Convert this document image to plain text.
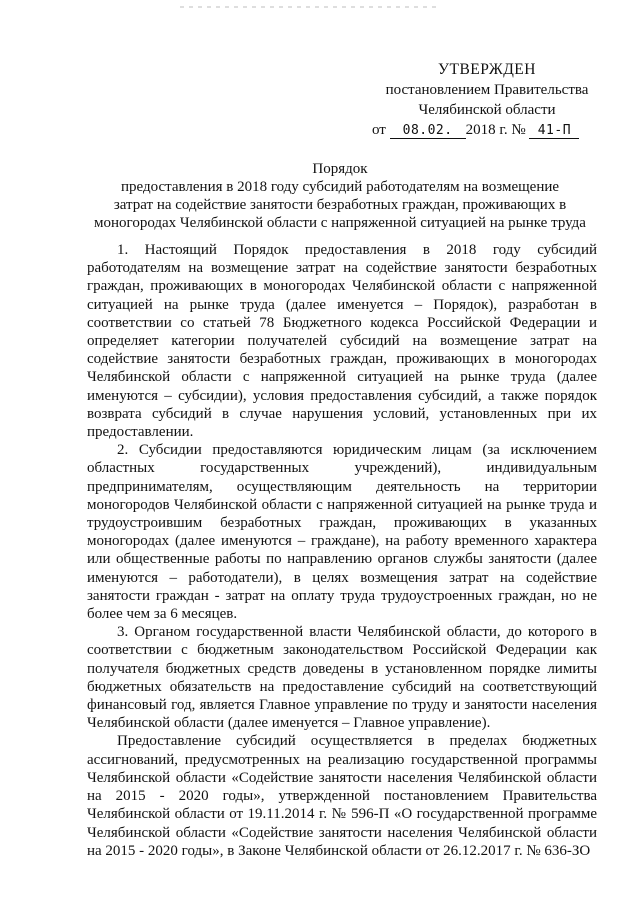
УТВЕРЖДЕН
постановлением Правительства
Челябинской области
от 08.02. 2018 г. № 41-П
Порядок
предоставления в 2018 году субсидий работодателям на возмещение
затрат на содействие занятости безработных граждан, проживающих в
моногородах Челябинской области с напряженной ситуацией на рынке труда

1. Настоящий Порядок предоставления в 2018 году субсидий работодателям на возмещение затрат на содействие занятости безработных граждан, проживающих в моногородах Челябинской области с напряженной ситуацией на рынке труда (далее именуется – Порядок), разработан в соответствии со статьей 78 Бюджетного кодекса Российской Федерации и определяет категории получателей субсидий на возмещение затрат на содействие занятости безработных граждан, проживающих в моногородах Челябинской области с напряженной ситуацией на рынке труда (далее именуются – субсидии), условия предоставления субсидий, а также порядок возврата субсидий в случае нарушения условий, установленных при их предоставлении.

2. Субсидии предоставляются юридическим лицам (за исключением областных государственных учреждений), индивидуальным предпринимателям, осуществляющим деятельность на территории моногородов Челябинской области с напряженной ситуацией на рынке труда и трудоустроившим безработных граждан, проживающих в указанных моногородах (далее именуются – граждане), на работу временного характера или общественные работы по направлению органов службы занятости (далее именуются – работодатели), в целях возмещения затрат на содействие занятости граждан - затрат на оплату труда трудоустроенных граждан, но не более чем за 6 месяцев.

3. Органом государственной власти Челябинской области, до которого в соответствии с бюджетным законодательством Российской Федерации как получателя бюджетных средств доведены в установленном порядке лимиты бюджетных обязательств на предоставление субсидий на соответствующий финансовый год, является Главное управление по труду и занятости населения Челябинской области (далее именуется – Главное управление).

Предоставление субсидий осуществляется в пределах бюджетных ассигнований, предусмотренных на реализацию государственной программы Челябинской области «Содействие занятости населения Челябинской области на 2015 - 2020 годы», утвержденной постановлением Правительства Челябинской области от 19.11.2014 г. № 596-П «О государственной программе Челябинской области «Содействие занятости населения Челябинской области на 2015 - 2020 годы», в Законе Челябинской области от 26.12.2017 г. № 636-ЗО
